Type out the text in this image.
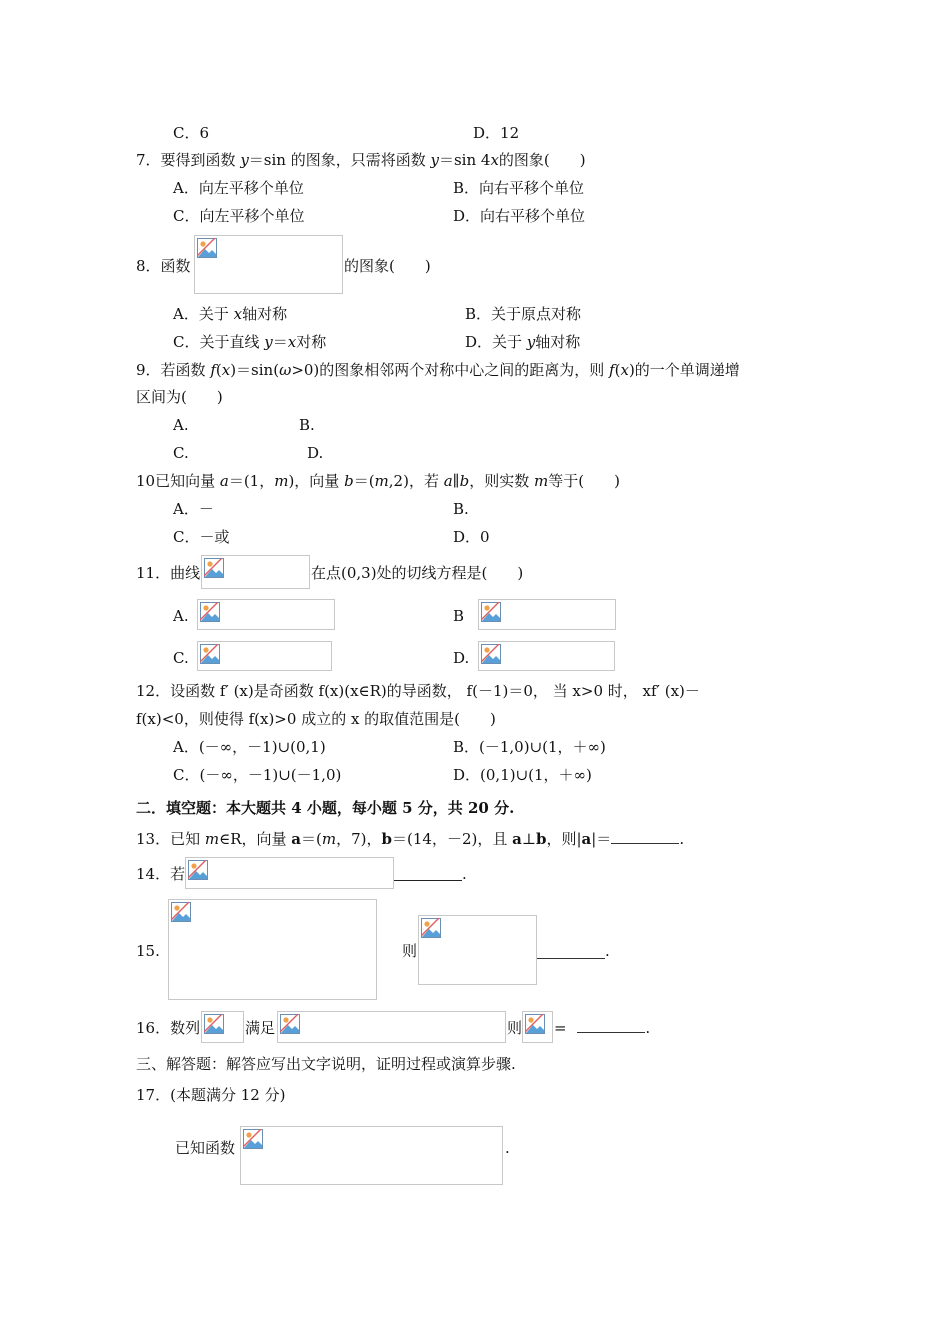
C．6	D．12
7．要得到函数 y＝sin 的图象，只需将函数 y＝sin 4x的图象(　　)
A．向左平移个单位	B．向右平移个单位
C．向左平移个单位	D．向右平移个单位
8．函数	的图象(　　)
A．关于 x轴对称	B．关于原点对称
C．关于直线 y＝x对称	D．关于 y轴对称
9．若函数 f(x)＝sin(ω>0)的图象相邻两个对称中心之间的距离为，则 f(x)的一个单调递增
区间为(　　)
A.	B.
C.	D.
10已知向量 a＝(1，m)，向量 b＝(m,2)，若 a∥b，则实数 m等于(　　)
A．－	B.
C．－或	D．0
11．曲线	在点(0,3)处的切线方程是(　　)
A.	B
C.	D.
12．设函数 f′ (x)是奇函数 f(x)(x∈R)的导函数， f(－1)＝0， 当 x>0 时， xf′ (x)－
f(x)<0，则使得 f(x)>0 成立的 x 的取值范围是(　　)
A．(－∞，－1)∪(0,1)	B．(－1,0)∪(1，＋∞)
C．(－∞，－1)∪(－1,0)	D．(0,1)∪(1，＋∞)
二．填空题：本大题共 4 小题，每小题 5 分，共 20 分.
13．已知 m∈R，向量 a＝(m，7)，b＝(14，－2)，且 a⊥b，则|a|＝	.
14．若	.
15.	则	.
16．数列	满足	则 =	.
三、解答题：解答应写出文字说明，证明过程或演算步骤.
17．(本题满分 12 分)
已知函数	.
